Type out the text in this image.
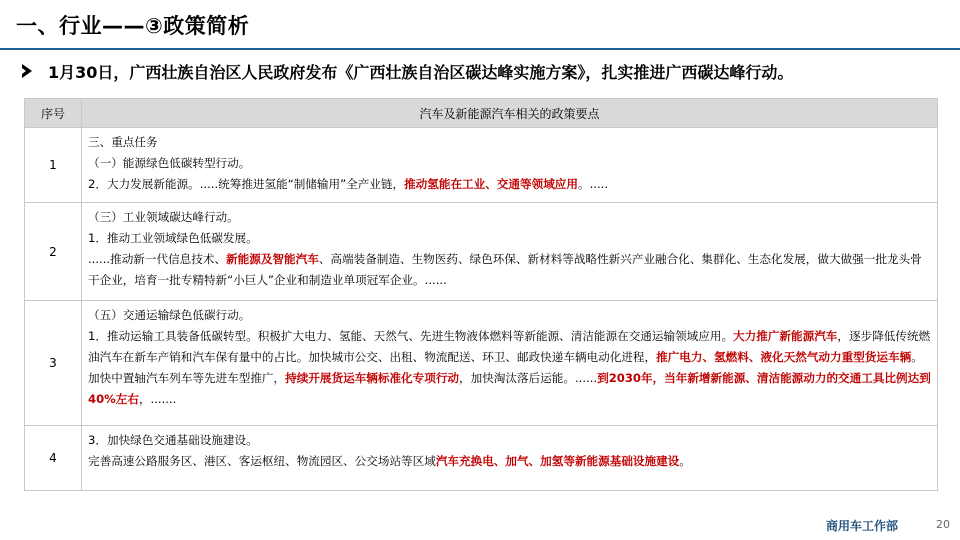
一、行业——③政策简析
1月30日，广西壮族自治区人民政府发布《广西壮族自治区碳达峰实施方案》，扎实推进广西碳达峰行动。
序号	汽车及新能源汽车相关的政策要点
1	三、重点任务
（一）能源绿色低碳转型行动。
2．大力发展新能源。.....统筹推进氢能“制储输用”全产业链，推动氢能在工业、交通等领域应用。.....

2	（三）工业领域碳达峰行动。
1．推动工业领域绿色低碳发展。
......推动新一代信息技术、新能源及智能汽车、高端装备制造、生物医药、绿色环保、新材料等战略性新兴产业融合化、集群化、生态化发展，做大做强一批龙头骨干企业，培育一批专精特新“小巨人”企业和制造业单项冠军企业。......

3	（五）交通运输绿色低碳行动。
1．推动运输工具装备低碳转型。积极扩大电力、氢能、天然气、先进生物液体燃料等新能源、清洁能源在交通运输领域应用。大力推广新能源汽车，逐步降低传统燃油汽车在新车产销和汽车保有量中的占比。加快城市公交、出租、物流配送、环卫、邮政快递车辆电动化进程，推广电力、氢燃料、液化天然气动力重型货运车辆。加快中置轴汽车列车等先进车型推广，持续开展货运车辆标准化专项行动，加快淘汰落后运能。......到2030年，当年新增新能源、清洁能源动力的交通工具比例达到40%左右，.......

4	3．加快绿色交通基础设施建设。
完善高速公路服务区、港区、客运枢纽、物流园区、公交场站等区域汽车充换电、加气、加氢等新能源基础设施建设。
商用车工作部	20
